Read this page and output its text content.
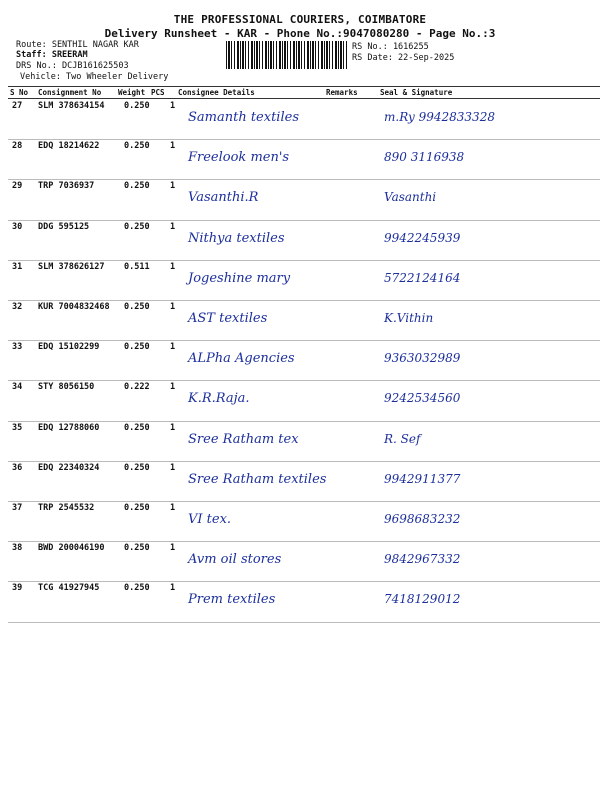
THE PROFESSIONAL COURIERS, COIMBATORE
Delivery Runsheet - KAR - Phone No.:9047080280 - Page No.:3
Route: SENTHIL NAGAR KAR
Staff: SREERAM
DRS No.: DCJB161625503
Vehicle: Two Wheeler Delivery
RS No.: 1616255
RS Date: 22-Sep-2025
S No Consignment No Weight PCS Consignee Details	Remarks	Seal & Signature
27 SLM 378634154 0.250 1
Samanth textiles	m.Ry 9942833328
28 EDQ 18214622	0.250 1
Freelook men's	890 3116938
29 TRP 7036937	0.250 1
Vasanthi.R	Vasanthi
30 DDG 595125	0.250 1
Nithya textiles	9942245939
31 SLM 378626127 0.511 1
Jogeshine mary	5722124164
32 KUR 7004832468 0.250 1
AST textiles	K.Vithin
33 EDQ 15102299	0.250 1
ALPha Agencies	9363032989
34 STY 8056150	0.222 1
K.R.Raja.	9242534560
35 EDQ 12788060	0.250 1
Sree Ratham tex	R. Sef
36 EDQ 22340324	0.250 1
Sree Ratham textiles	9942911377
37 TRP 2545532	0.250 1
VI tex.	9698683232
38 BWD 200046190 0.250 1
Avm oil stores	9842967332
39 TCG 41927945	0.250 1
Prem textiles	7418129012
